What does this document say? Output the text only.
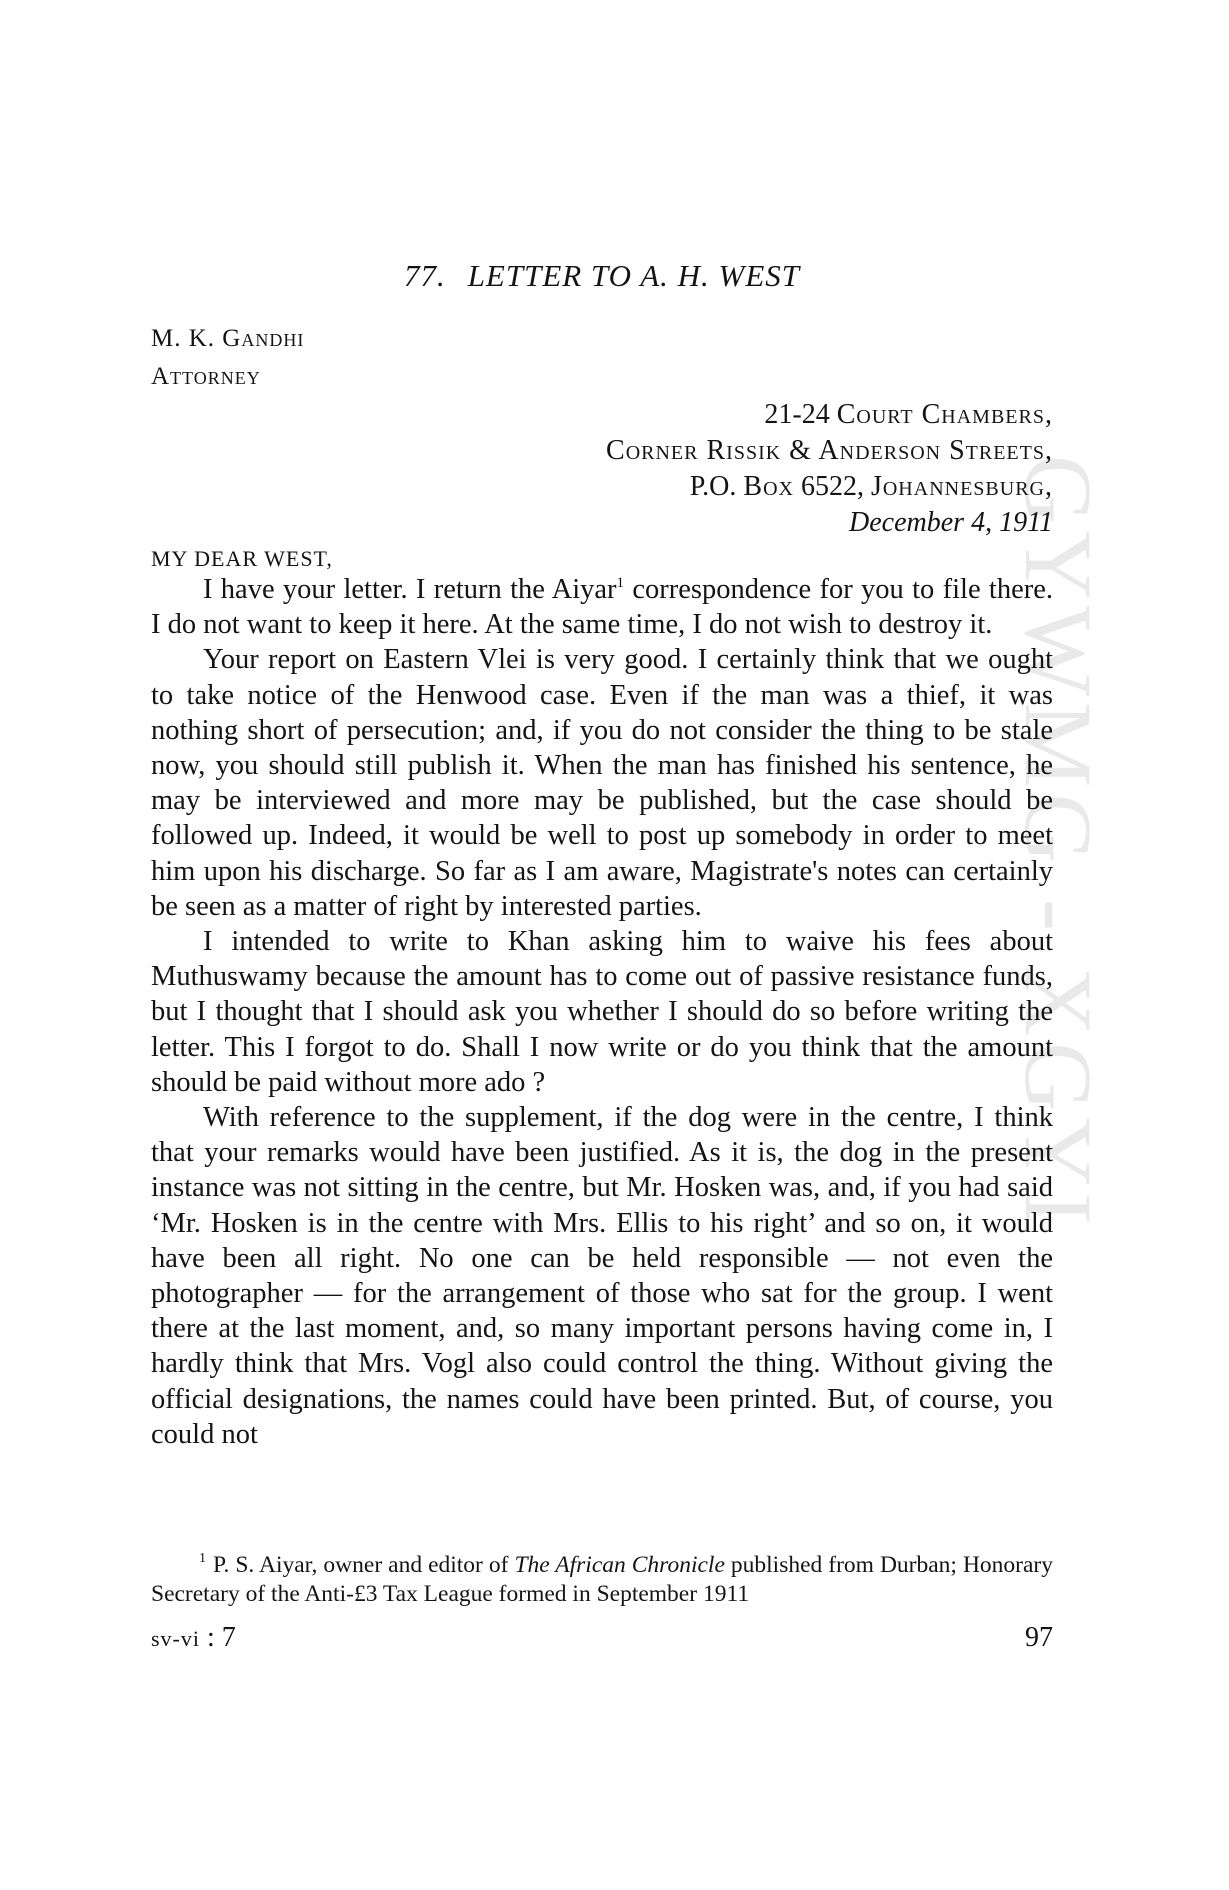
GYWMG - XGYI
77. LETTER TO A. H. WEST
M. K. Gandhi
Attorney
21-24 Court Chambers,
Corner Rissik & Anderson Streets,
P.O. Box 6522, Johannesburg,
December 4, 1911
MY DEAR WEST,

I have your letter. I return the Aiyar$^1$ correspondence for you to file there. I do not want to keep it here. At the same time, I do not wish to destroy it.

Your report on Eastern Vlei is very good. I certainly think that we ought to take notice of the Henwood case. Even if the man was a thief, it was nothing short of persecution; and, if you do not consider the thing to be stale now, you should still publish it. When the man has finished his sentence, he may be interviewed and more may be published, but the case should be followed up. Indeed, it would be well to post up somebody in order to meet him upon his discharge. So far as I am aware, Magistrate's notes can certainly be seen as a matter of right by interested parties.

I intended to write to Khan asking him to waive his fees about Muthuswamy because the amount has to come out of passive resistance funds, but I thought that I should ask you whether I should do so before writing the letter. This I forgot to do. Shall I now write or do you think that the amount should be paid without more ado ?

With reference to the supplement, if the dog were in the centre, I think that your remarks would have been justified. As it is, the dog in the present instance was not sitting in the centre, but Mr. Hosken was, and, if you had said ‘Mr. Hosken is in the centre with Mrs. Ellis to his right’ and so on, it would have been all right. No one can be held responsible — not even the photographer — for the arrangement of those who sat for the group. I went there at the last moment, and, so many important persons having come in, I hardly think that Mrs. Vogl also could control the thing. Without giving the official designations, the names could have been printed. But, of course, you could not

$^1$ P. S. Aiyar, owner and editor of The African Chronicle published from Durban; Honorary Secretary of the Anti-£3 Tax League formed in September 1911

sv-vi : 7	97
